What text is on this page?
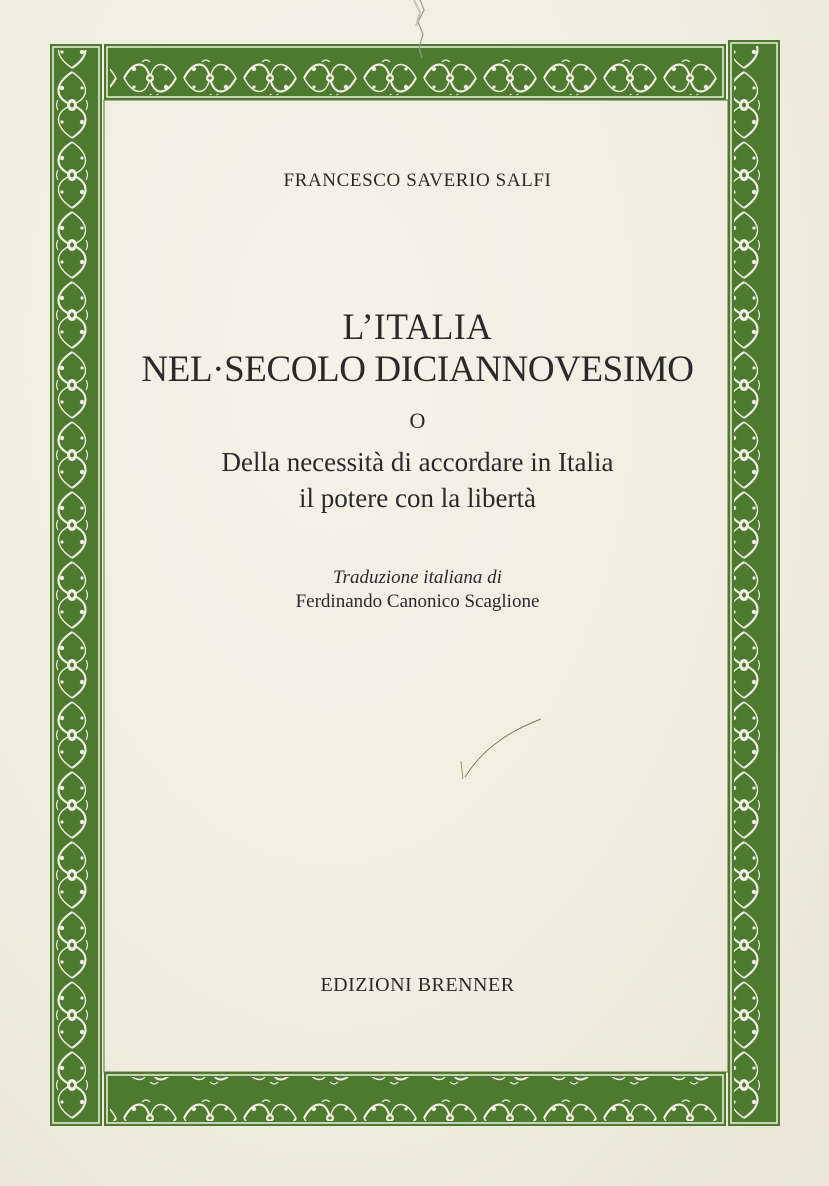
FRANCESCO SAVERIO SALFI

L’ITALIA

NEL·SECOLO DICIANNOVESIMO

O

Della necessità di accordare in Italia

il potere con la libertà

Traduzione italiana di

Ferdinando Canonico Scaglione

EDIZIONI BRENNER
